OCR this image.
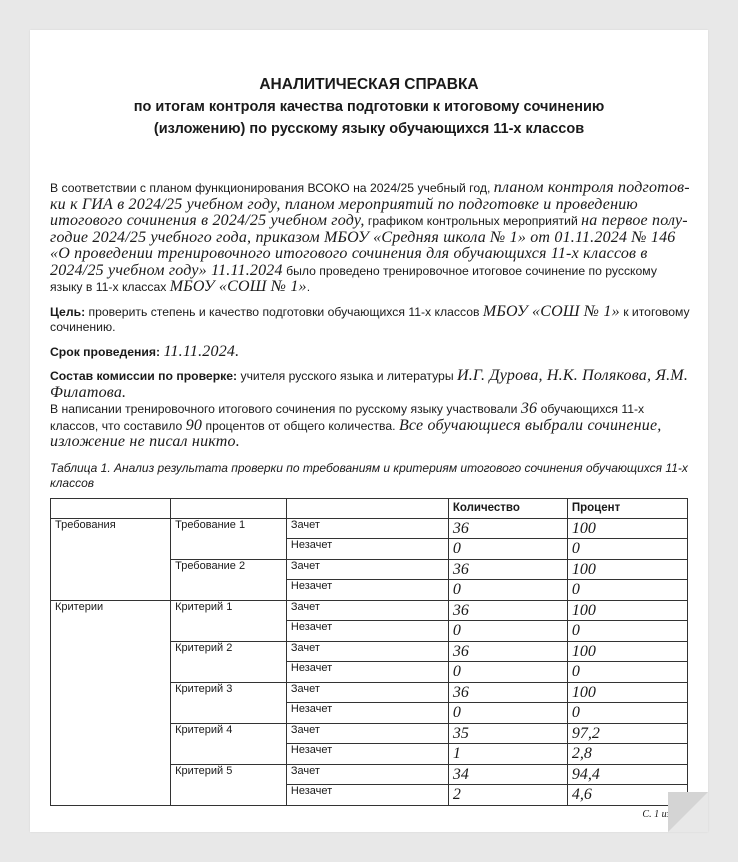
АНАЛИТИЧЕСКАЯ СПРАВКА
по итогам контроля качества подготовки к итоговому сочинению
(изложению) по русскому языку обучающихся 11-х классов

В соответствии с планом функционирования ВСОКО на 2024/25 учебный год, планом контроля подготов-ки к ГИА в 2024/25 учебном году, планом мероприятий по подготовке и проведению итогового сочинения в 2024/25 учебном году, графиком контрольных мероприятий на первое полу-годие 2024/25 учебного года, приказом МБОУ «Средняя школа № 1» от 01.11.2024 № 146 «О проведении тренировочного итогового сочинения для обучающихся 11-х классов в 2024/25 учебном году» 11.11.2024 было проведено тренировочное итоговое сочинение по русскому языку в 11-х классах МБОУ «СОШ № 1».

Цель: проверить степень и качество подготовки обучающихся 11-х классов МБОУ «СОШ № 1» к итоговому сочинению.

Срок проведения: 11.11.2024.

Состав комиссии по проверке: учителя русского языка и литературы И.Г. Дурова, Н.К. Полякова, Я.М. Филатова.

В написании тренировочного итогового сочинения по русскому языку участвовали 36 обучающихся 11-х классов, что составило 90 процентов от общего количества. Все обучающиеся выбрали сочинение, изложение не писал никто.

Таблица 1. Анализ результата проверки по требованиям и критериям итогового сочинения обучающихся 11-х классов
			Количество	Процент
Требования	Требование 1	Зачет	36	100
		Незачет	0	0
	Требование 2	Зачет	36	100
		Незачет	0	0
Критерии	Критерий 1	Зачет	36	100
		Незачет	0	0
	Критерий 2	Зачет	36	100
		Незачет	0	0
	Критерий 3	Зачет	36	100
		Незачет	0	0
	Критерий 4	Зачет	35	97,2
		Незачет	1	2,8
	Критерий 5	Зачет	34	94,4
		Незачет	2	4,6
С. 1 из 5
